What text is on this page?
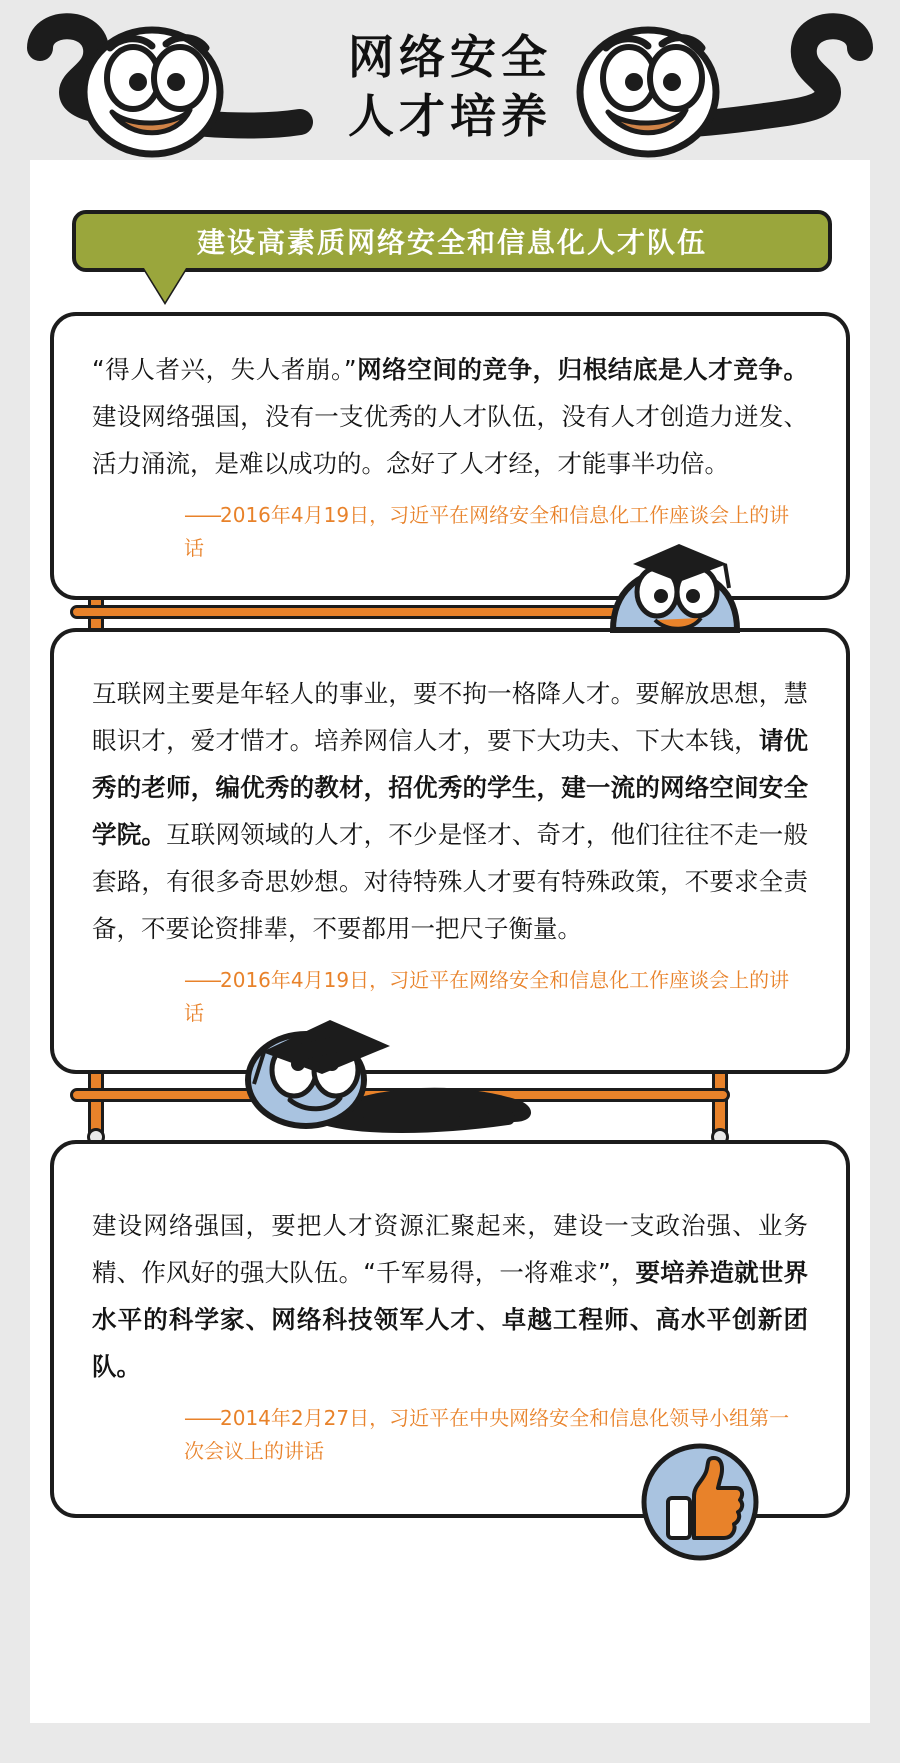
网络安全
人才培养
建设高素质网络安全和信息化人才队伍
“得人者兴，失人者崩。”网络空间的竞争，归根结底是人才竞争。建设网络强国，没有一支优秀的人才队伍，没有人才创造力迸发、活力涌流，是难以成功的。念好了人才经，才能事半功倍。
——2016年4月19日，习近平在网络安全和信息化工作座谈会上的讲话
互联网主要是年轻人的事业，要不拘一格降人才。要解放思想，慧眼识才，爱才惜才。培养网信人才，要下大功夫、下大本钱，请优秀的老师，编优秀的教材，招优秀的学生，建一流的网络空间安全学院。互联网领域的人才，不少是怪才、奇才，他们往往不走一般套路，有很多奇思妙想。对待特殊人才要有特殊政策，不要求全责备，不要论资排辈，不要都用一把尺子衡量。
——2016年4月19日，习近平在网络安全和信息化工作座谈会上的讲话
建设网络强国，要把人才资源汇聚起来，建设一支政治强、业务精、作风好的强大队伍。“千军易得，一将难求”，要培养造就世界水平的科学家、网络科技领军人才、卓越工程师、高水平创新团队。
——2014年2月27日，习近平在中央网络安全和信息化领导小组第一次会议上的讲话
